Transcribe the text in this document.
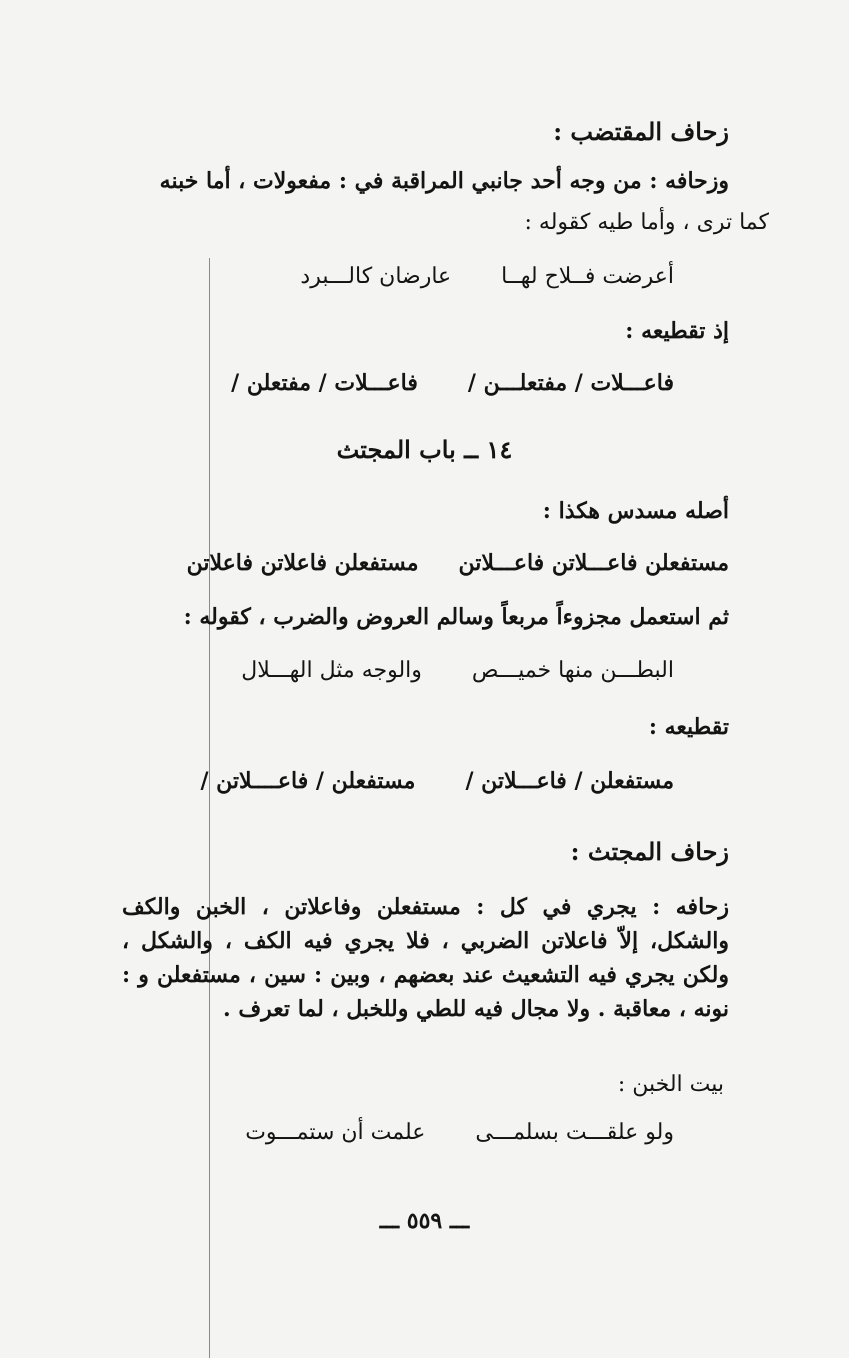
زحاف المقتضب :
وزحافه : من وجه أحد جانبي المراقبة في : مفعولات ، أما خبنه
كما ترى ، وأما طيه كقوله :
أعرضت فــلاح لهــاعارضان كالـــبرد
إذ تقطيعه :
فاعـــلات / مفتعلـــن /فاعـــلات / مفتعلن /
١٤ ــ باب المجتث
أصله مسدس هكذا :
مستفعلن فاعـــلاتن فاعـــلاتنمستفعلن فاعلاتن فاعلاتن
ثم استعمل مجزوءاً مربعاً وسالم العروض والضرب ، كقوله :
البطـــن منها خميـــصوالوجه مثل الهـــلال
تقطيعه :
مستفعلن / فاعـــلاتن /مستفعلن / فاعــــلاتن /
زحاف المجتث :
زحافه : يجري في كل : مستفعلن وفاعلاتن ، الخبن والكف والشكل، إلاّ فاعلاتن الضربي ، فلا يجري فيه الكف ، والشكل ، ولكن يجري فيه التشعيث عند بعضهم ، وبين : سين ، مستفعلن و : نونه ، معاقبة . ولا مجال فيه للطي وللخبل ، لما تعرف .
بيت الخبن :
ولو علقـــت بسلمـــىعلمت أن ستمـــوت
ـــ ٥٥٩ ـــ
